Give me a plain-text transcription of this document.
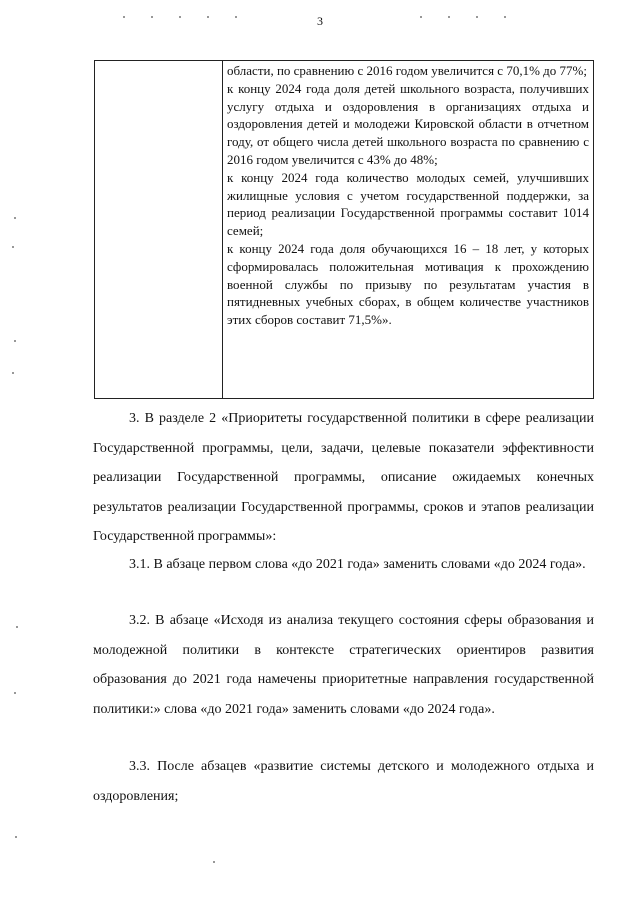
3

области, по сравнению с 2016 годом увеличится с 70,1% до 77%;

к концу 2024 года доля детей школьного возраста, получивших услугу отдыха и оздоровления в организациях отдыха и оздоровления детей и молодежи Кировской области в отчетном году, от общего числа детей школьного возраста по сравнению с 2016 годом увеличится с 43% до 48%;

к концу 2024 года количество молодых семей, улучшивших жилищные условия с учетом государственной поддержки, за период реализации Государственной программы составит 1014 семей;

к концу 2024 года доля обучающихся 16 – 18 лет, у которых сформировалась положительная мотивация к прохождению военной службы по призыву по результатам участия в пятидневных учебных сборах, в общем количестве участников этих сборов составит 71,5%».

3. В разделе 2 «Приоритеты государственной политики в сфере реализации Государственной программы, цели, задачи, целевые показатели эффективности реализации Государственной программы, описание ожидаемых конечных результатов реализации Государственной программы, сроков и этапов реализации Государственной программы»:

3.1. В абзаце первом слова «до 2021 года» заменить словами «до 2024 года».

3.2. В абзаце «Исходя из анализа текущего состояния сферы образования и молодежной политики в контексте стратегических ориентиров развития образования до 2021 года намечены приоритетные направления государственной политики:» слова «до 2021 года» заменить словами «до 2024 года».

3.3. После абзацев «развитие системы детского и молодежного отдыха и оздоровления;
